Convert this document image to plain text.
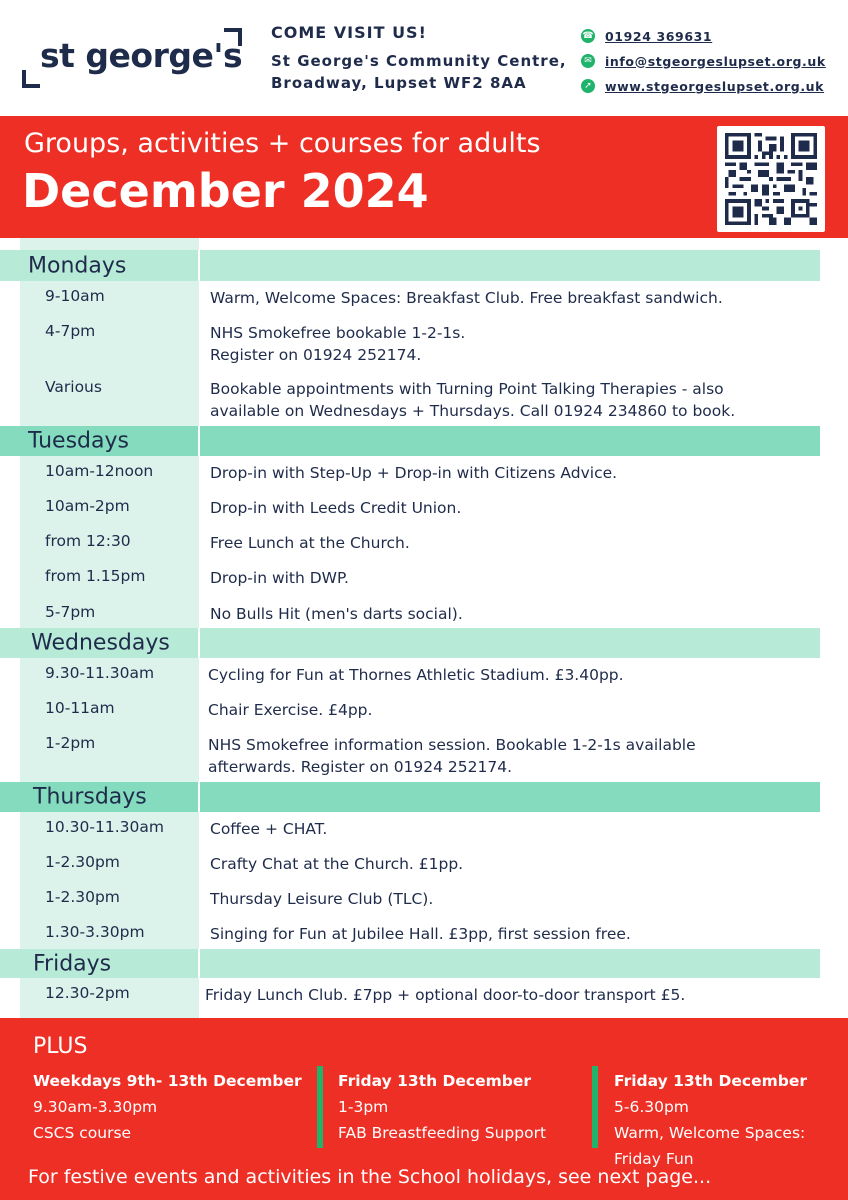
st george's
COME VISIT US!
St George's Community Centre,
Broadway, Lupset WF2 8AA
☎ 01924 369631
✉ info@stgeorgeslupset.org.uk
➚ www.stgeorgeslupset.org.uk
Groups, activities + courses for adults
December 2024
Mondays
9-10am	Warm, Welcome Spaces: Breakfast Club. Free breakfast sandwich.
4-7pm	NHS Smokefree bookable 1-2-1s.
Register on 01924 252174.
Various	Bookable appointments with Turning Point Talking Therapies - also
available on Wednesdays + Thursdays. Call 01924 234860 to book.
Tuesdays
10am-12noon	Drop-in with Step-Up + Drop-in with Citizens Advice.
10am-2pm	Drop-in with Leeds Credit Union.
from 12:30	Free Lunch at the Church.
from 1.15pm	Drop-in with DWP.
5-7pm	No Bulls Hit (men's darts social).
Wednesdays
9.30-11.30am	Cycling for Fun at Thornes Athletic Stadium. £3.40pp.
10-11am	Chair Exercise. £4pp.
1-2pm	NHS Smokefree information session. Bookable 1-2-1s available
afterwards. Register on 01924 252174.
Thursdays
10.30-11.30am	Coffee + CHAT.
1-2.30pm	Crafty Chat at the Church. £1pp.
1-2.30pm	Thursday Leisure Club (TLC).
1.30-3.30pm	Singing for Fun at Jubilee Hall. £3pp, first session free.
Fridays
12.30-2pm	Friday Lunch Club. £7pp + optional door-to-door transport £5.
PLUS
Weekdays 9th- 13th December
9.30am-3.30pm
CSCS course
Friday 13th December
1-3pm
FAB Breastfeeding Support
Friday 13th December
5-6.30pm
Warm, Welcome Spaces:
Friday Fun
For festive events and activities in the School holidays, see next page...
